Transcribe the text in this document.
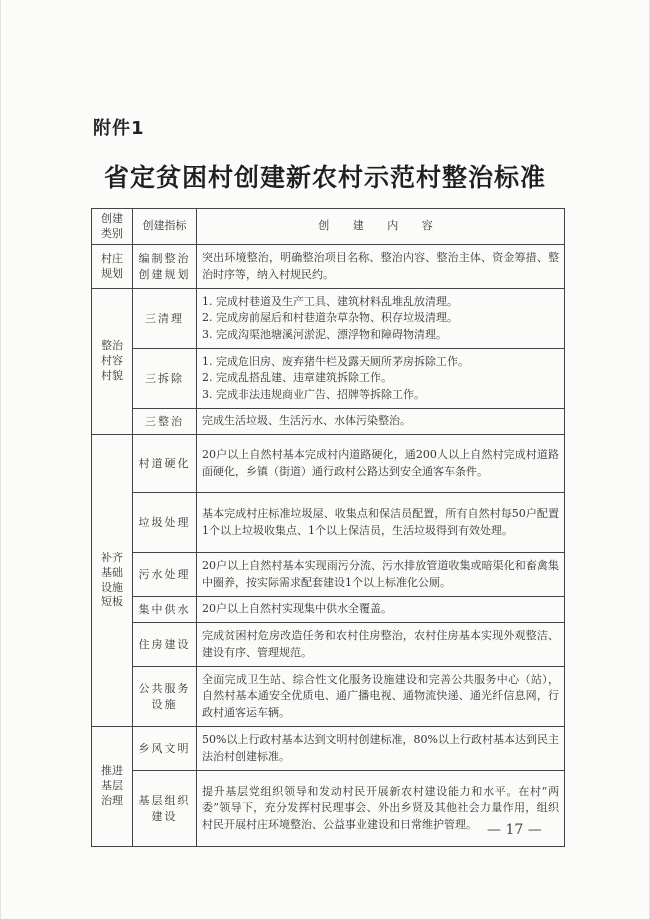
附件1
省定贫困村创建新农村示范村整治标准
创建类别	创建指标	创 建 内 容
村庄规划	编制整治创建规划	突出环境整治，明确整治项目名称、整治内容、整治主体、资金筹措、整治时序等，纳入村规民约。

整治村容村貌	三清理	1. 完成村巷道及生产工具、建筑材料乱堆乱放清理。
2. 完成房前屋后和村巷道杂草杂物、积存垃圾清理。
3. 完成沟渠池塘溪河淤泥、漂浮物和障碍物清理。

	三拆除	1. 完成危旧房、废弃猪牛栏及露天厕所茅房拆除工作。
2. 完成乱搭乱建、违章建筑拆除工作。
3. 完成非法违规商业广告、招牌等拆除工作。

	三整治	完成生活垃圾、生活污水、水体污染整治。

补齐基础设施短板	村道硬化	20户以上自然村基本完成村内道路硬化，通200人以上自然村完成村道路面硬化，乡镇（街道）通行政村公路达到安全通客车条件。

	垃圾处理	基本完成村庄标准垃圾屋、收集点和保洁员配置，所有自然村每50户配置1个以上垃圾收集点、1个以上保洁员，生活垃圾得到有效处理。

	污水处理	20户以上自然村基本实现雨污分流、污水排放管道收集或暗渠化和畜禽集中圈养，按实际需求配套建设1个以上标准化公厕。

	集中供水	20户以上自然村实现集中供水全覆盖。

	住房建设	完成贫困村危房改造任务和农村住房整治，农村住房基本实现外观整洁、建设有序、管理规范。

	公共服务设施	全面完成卫生站、综合性文化服务设施建设和完善公共服务中心（站），自然村基本通安全优质电、通广播电视、通物流快递、通光纤信息网，行政村通客运车辆。

推进基层治理	乡风文明	50%以上行政村基本达到文明村创建标准，80%以上行政村基本达到民主法治村创建标准。

	基层组织建设	提升基层党组织领导和发动村民开展新农村建设能力和水平。在村“两委”领导下，充分发挥村民理事会、外出乡贤及其他社会力量作用，组织村民开展村庄环境整治、公益事业建设和日常维护管理。 — 17 —
